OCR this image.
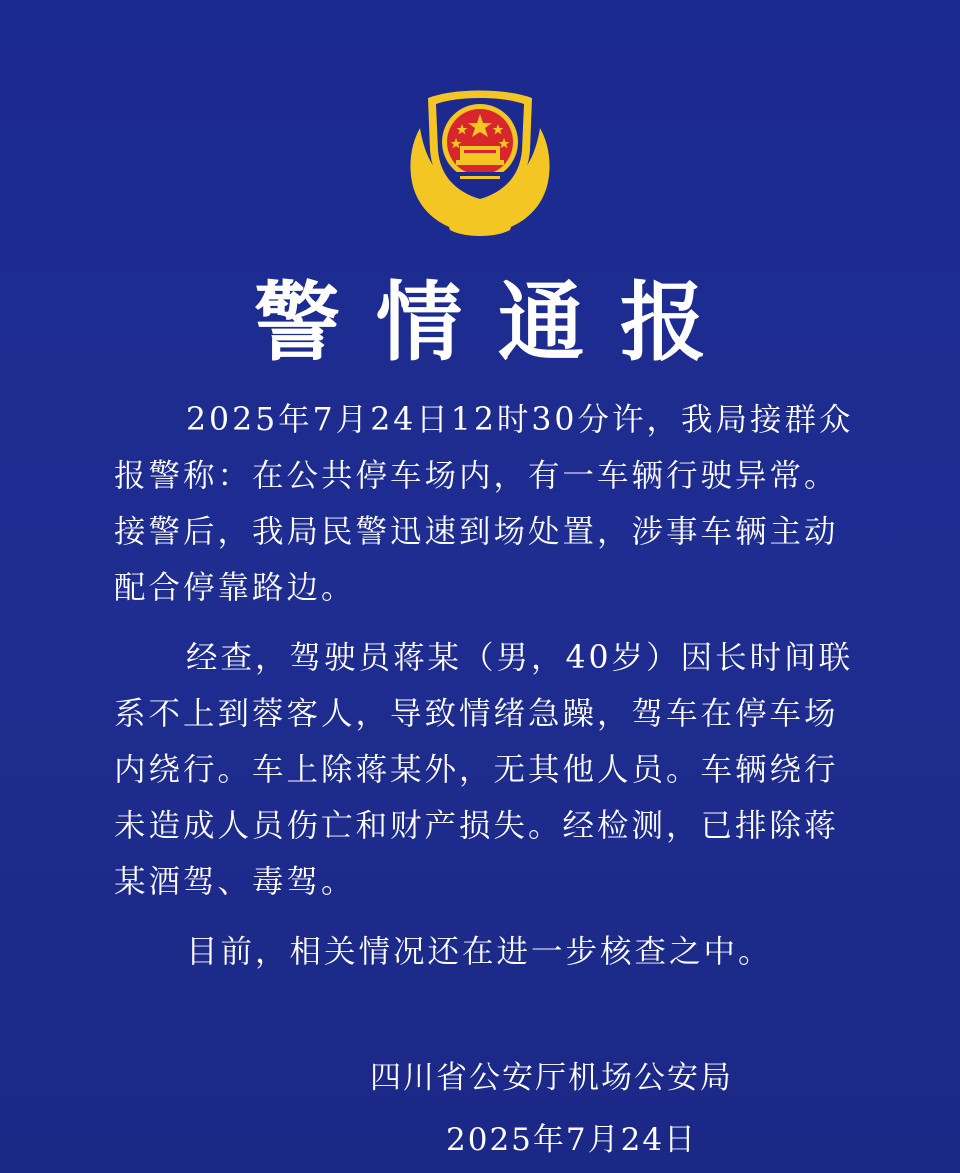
警情通报

2025年7月24日12时30分许，我局接群众报警称：在公共停车场内，有一车辆行驶异常。接警后，我局民警迅速到场处置，涉事车辆主动配合停靠路边。

经查，驾驶员蒋某（男，40岁）因长时间联系不上到蓉客人，导致情绪急躁，驾车在停车场内绕行。车上除蒋某外，无其他人员。车辆绕行未造成人员伤亡和财产损失。经检测，已排除蒋某酒驾、毒驾。

目前，相关情况还在进一步核查之中。

四川省公安厅机场公安局
2025年7月24日
